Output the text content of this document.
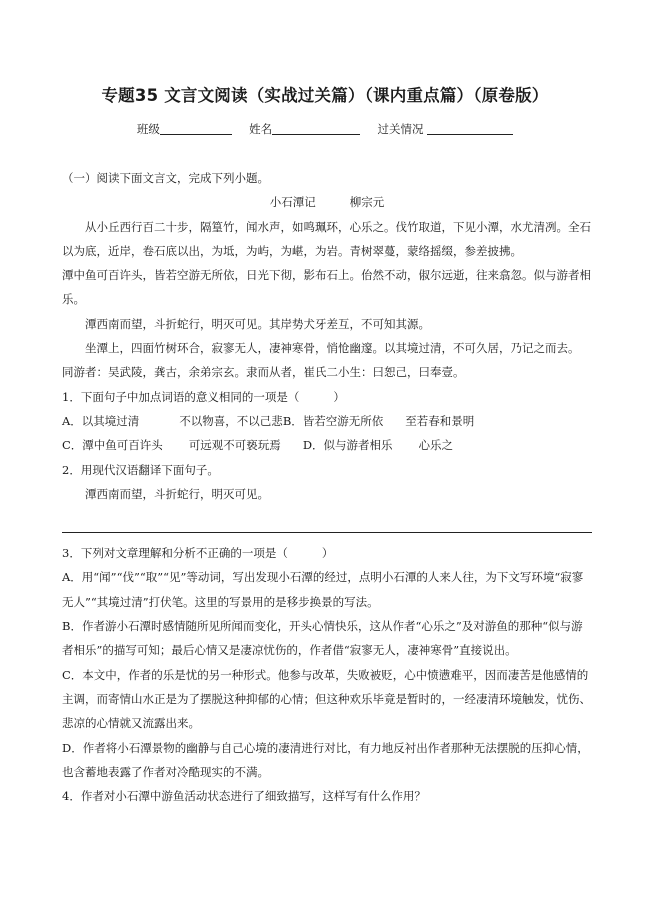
专题35 文言文阅读（实战过关篇）（课内重点篇）（原卷版）
班级	姓名	过关情况

（一）阅读下面文言文，完成下列小题。

小石潭记	柳宗元

从小丘西行百二十步，隔篁竹，闻水声，如鸣珮环，心乐之。伐竹取道，下见小潭，水尤清冽。全石以为底，近岸，卷石底以出，为坻，为屿，为嵁，为岩。青树翠蔓，蒙络摇缀，参差披拂。

潭中鱼可百许头，皆若空游无所依，日光下彻，影布石上。佁然不动，俶尔远逝，往来翕忽。似与游者相乐。

潭西南而望，斗折蛇行，明灭可见。其岸势犬牙差互，不可知其源。

坐潭上，四面竹树环合，寂寥无人，凄神寒骨，悄怆幽邃。以其境过清，不可久居，乃记之而去。

同游者：吴武陵，龚古，余弟宗玄。隶而从者，崔氏二小生：曰恕己，曰奉壹。

1．下面句子中加点词语的意义相同的一项是（	）

A．以其境过清	不以物喜，不以己悲B．皆若空游无所依 至若春和景明

C．潭中鱼可百许头 可远观不可亵玩焉 D．似与游者相乐 心乐之

2．用现代汉语翻译下面句子。

潭西南而望，斗折蛇行，明灭可见。

3．下列对文章理解和分析不正确的一项是（	）

A．用“闻”“伐”“取”“见”等动词，写出发现小石潭的经过，点明小石潭的人来人往，为下文写环境“寂寥无人”“其境过清”打伏笔。这里的写景用的是移步换景的写法。

B．作者游小石潭时感情随所见所闻而变化，开头心情快乐，这从作者“心乐之”及对游鱼的那种“似与游者相乐”的描写可知；最后心情又是凄凉忧伤的，作者借“寂寥无人，凄神寒骨”直接说出。

C．本文中，作者的乐是忧的另一种形式。他参与改革，失败被贬，心中愤懑难平，因而凄苦是他感情的主调，而寄情山水正是为了摆脱这种抑郁的心情；但这种欢乐毕竟是暂时的，一经凄清环境触发，忧伤、悲凉的心情就又流露出来。

D．作者将小石潭景物的幽静与自己心境的凄清进行对比，有力地反衬出作者那种无法摆脱的压抑心情，也含蓄地表露了作者对冷酷现实的不满。

4．作者对小石潭中游鱼活动状态进行了细致描写，这样写有什么作用？
